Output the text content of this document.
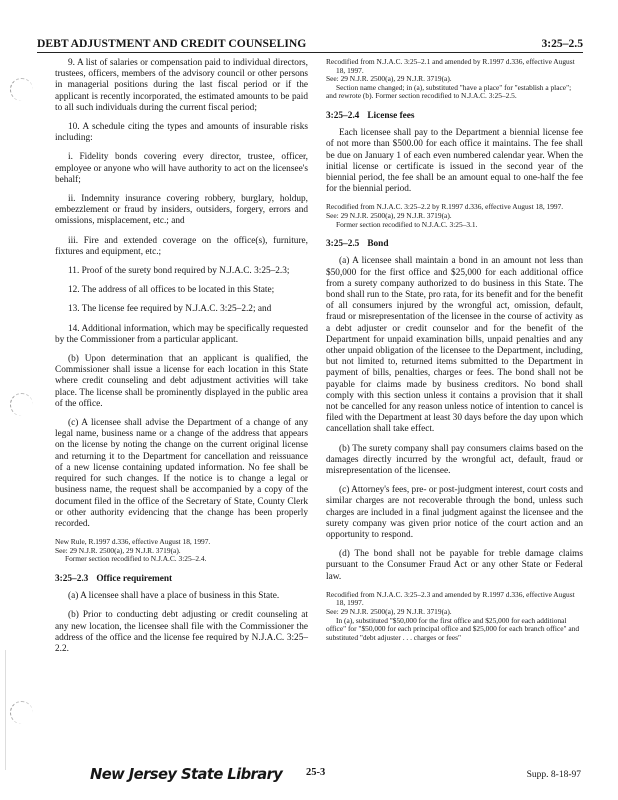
DEBT ADJUSTMENT AND CREDIT COUNSELING	3:25–2.5

9. A list of salaries or compensation paid to individual directors, trustees, officers, members of the advisory council or other persons in managerial positions during the last fiscal period or if the applicant is recently incorporated, the estimated amounts to be paid to all such individuals during the current fiscal period;

10. A schedule citing the types and amounts of insurable risks including:

i. Fidelity bonds covering every director, trustee, officer, employee or anyone who will have authority to act on the licensee's behalf;

ii. Indemnity insurance covering robbery, burglary, holdup, embezzlement or fraud by insiders, outsiders, forgery, errors and omissions, misplacement, etc.; and

iii. Fire and extended coverage on the office(s), furniture, fixtures and equipment, etc.;

11. Proof of the surety bond required by N.J.A.C. 3:25–2.3;

12. The address of all offices to be located in this State;

13. The license fee required by N.J.A.C. 3:25–2.2; and

14. Additional information, which may be specifically requested by the Commissioner from a particular applicant.

(b) Upon determination that an applicant is qualified, the Commissioner shall issue a license for each location in this State where credit counseling and debt adjustment activities will take place. The license shall be prominently displayed in the public area of the office.

(c) A licensee shall advise the Department of a change of any legal name, business name or a change of the address that appears on the license by noting the change on the current original license and returning it to the Department for cancellation and reissuance of a new license containing updated information. No fee shall be required for such changes. If the notice is to change a legal or business name, the request shall be accompanied by a copy of the document filed in the office of the Secretary of State, County Clerk or other authority evidencing that the change has been properly recorded.

New Rule, R.1997 d.336, effective August 18, 1997.
See: 29 N.J.R. 2500(a), 29 N.J.R. 3719(a).
Former section recodified to N.J.A.C. 3:25–2.4.
3:25–2.3 Office requirement

(a) A licensee shall have a place of business in this State.

(b) Prior to conducting debt adjusting or credit counseling at any new location, the licensee shall file with the Commissioner the address of the office and the license fee required by N.J.A.C. 3:25–2.2.

Recodified from N.J.A.C. 3:25–2.1 and amended by R.1997 d.336, effective August 18, 1997.
See: 29 N.J.R. 2500(a), 29 N.J.R. 3719(a).
Section name changed; in (a), substituted "have a place" for "establish a place"; and rewrote (b). Former section recodified to N.J.A.C. 3:25–2.5.
3:25–2.4 License fees

Each licensee shall pay to the Department a biennial license fee of not more than $500.00 for each office it maintains. The fee shall be due on January 1 of each even numbered calendar year. When the initial license or certificate is issued in the second year of the biennial period, the fee shall be an amount equal to one-half the fee for the biennial period.

Recodified from N.J.A.C. 3:25–2.2 by R.1997 d.336, effective August 18, 1997.
See: 29 N.J.R. 2500(a), 29 N.J.R. 3719(a).
Former section recodified to N.J.A.C. 3:25–3.1.
3:25–2.5 Bond

(a) A licensee shall maintain a bond in an amount not less than $50,000 for the first office and $25,000 for each additional office from a surety company authorized to do business in this State. The bond shall run to the State, pro rata, for its benefit and for the benefit of all consumers injured by the wrongful act, omission, default, fraud or misrepresentation of the licensee in the course of activity as a debt adjuster or credit counselor and for the benefit of the Department for unpaid examination bills, unpaid penalties and any other unpaid obligation of the licensee to the Department, including, but not limited to, returned items submitted to the Department in payment of bills, penalties, charges or fees. The bond shall not be payable for claims made by business creditors. No bond shall comply with this section unless it contains a provision that it shall not be cancelled for any reason unless notice of intention to cancel is filed with the Department at least 30 days before the day upon which cancellation shall take effect.

(b) The surety company shall pay consumers claims based on the damages directly incurred by the wrongful act, default, fraud or misrepresentation of the licensee.

(c) Attorney's fees, pre- or post-judgment interest, court costs and similar charges are not recoverable through the bond, unless such charges are included in a final judgment against the licensee and the surety company was given prior notice of the court action and an opportunity to respond.

(d) The bond shall not be payable for treble damage claims pursuant to the Consumer Fraud Act or any other State or Federal law.

Recodified from N.J.A.C. 3:25–2.3 and amended by R.1997 d.336, effective August 18, 1997.
See: 29 N.J.R. 2500(a), 29 N.J.R. 3719(a).
In (a), substituted "$50,000 for the first office and $25,000 for each additional office" for "$50,000 for each principal office and $25,000 for each branch office" and substituted "debt adjuster . . . charges or fees"
New Jersey State Library 25-3	Supp. 8-18-97
